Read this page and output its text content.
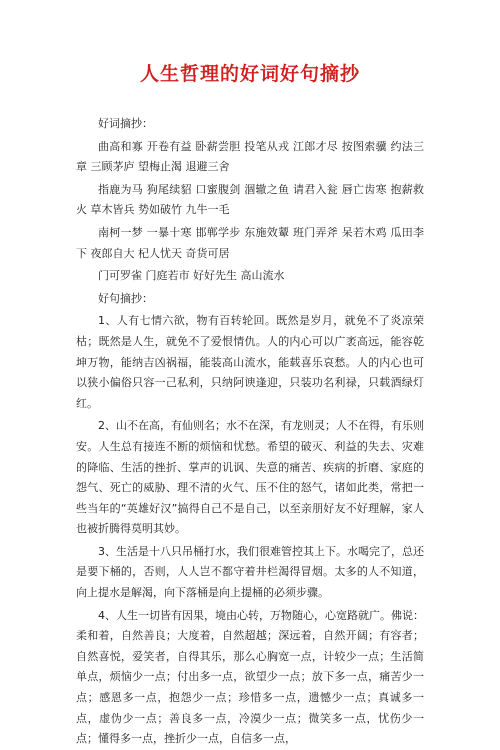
人生哲理的好词好句摘抄

好词摘抄：

曲高和寡 开卷有益 卧薪尝胆 投笔从戎 江郎才尽 按图索骥 约法三章 三顾茅庐 望梅止渴 退避三舍

指鹿为马 狗尾续貂 口蜜腹剑 涸辙之鱼 请君入瓮 唇亡齿寒 抱薪救火 草木皆兵 势如破竹 九牛一毛

南柯一梦 一暴十寒 邯郸学步 东施效颦 班门弄斧 呆若木鸡 瓜田李下 夜郎自大 杞人忧天 奇货可居

门可罗雀 门庭若市 好好先生 高山流水

好句摘抄：

1、人有七情六欲，物有百转轮回。既然是岁月，就免不了炎凉荣枯；既然是人生，就免不了爱恨情仇。人的内心可以广袤高远，能容乾坤万物，能纳吉凶祸福，能装高山流水，能载喜乐哀愁。人的内心也可以狭小偏俗只容一己私利，只纳阿谀逢迎，只装功名利禄，只载酒绿灯红。

2、山不在高，有仙则名；水不在深，有龙则灵；人不在得，有乐则安。人生总有接连不断的烦恼和忧愁。希望的破灭、利益的失去、灾难的降临、生活的挫折、掌声的讥讽、失意的痛苦、疾病的折磨、家庭的怨气、死亡的威胁、理不清的火气、压不住的怒气，诸如此类，常把一些当年的“英雄好汉”搞得自己不是自己，以至亲朋好友不好理解，家人也被折腾得莫明其妙。

3、生活是十八只吊桶打水，我们很难管控其上下。水喝完了，总还是要下桶的，否则，人人岂不都守着井栏渴得冒烟。太多的人不知道，向上提水是解渴，向下落桶是向上提桶的必须步骤。

4、人生一切皆有因果，境由心转，万物随心，心宽路就广。佛说：柔和着，自然善良；大度着，自然超越；深远着，自然开阔；有容者；自然喜悦，爱笑者，自得其乐，那么心胸宽一点，计较少一点；生活简单点，烦恼少一点；付出多一点，欲望少一点；放下多一点，痛苦少一点；感恩多一点，抱怨少一点；珍惜多一点，遗憾少一点；真诚多一点，虚伪少一点；善良多一点，冷漠少一点；微笑多一点，忧伤少一点；懂得多一点，挫折少一点，自信多一点，
